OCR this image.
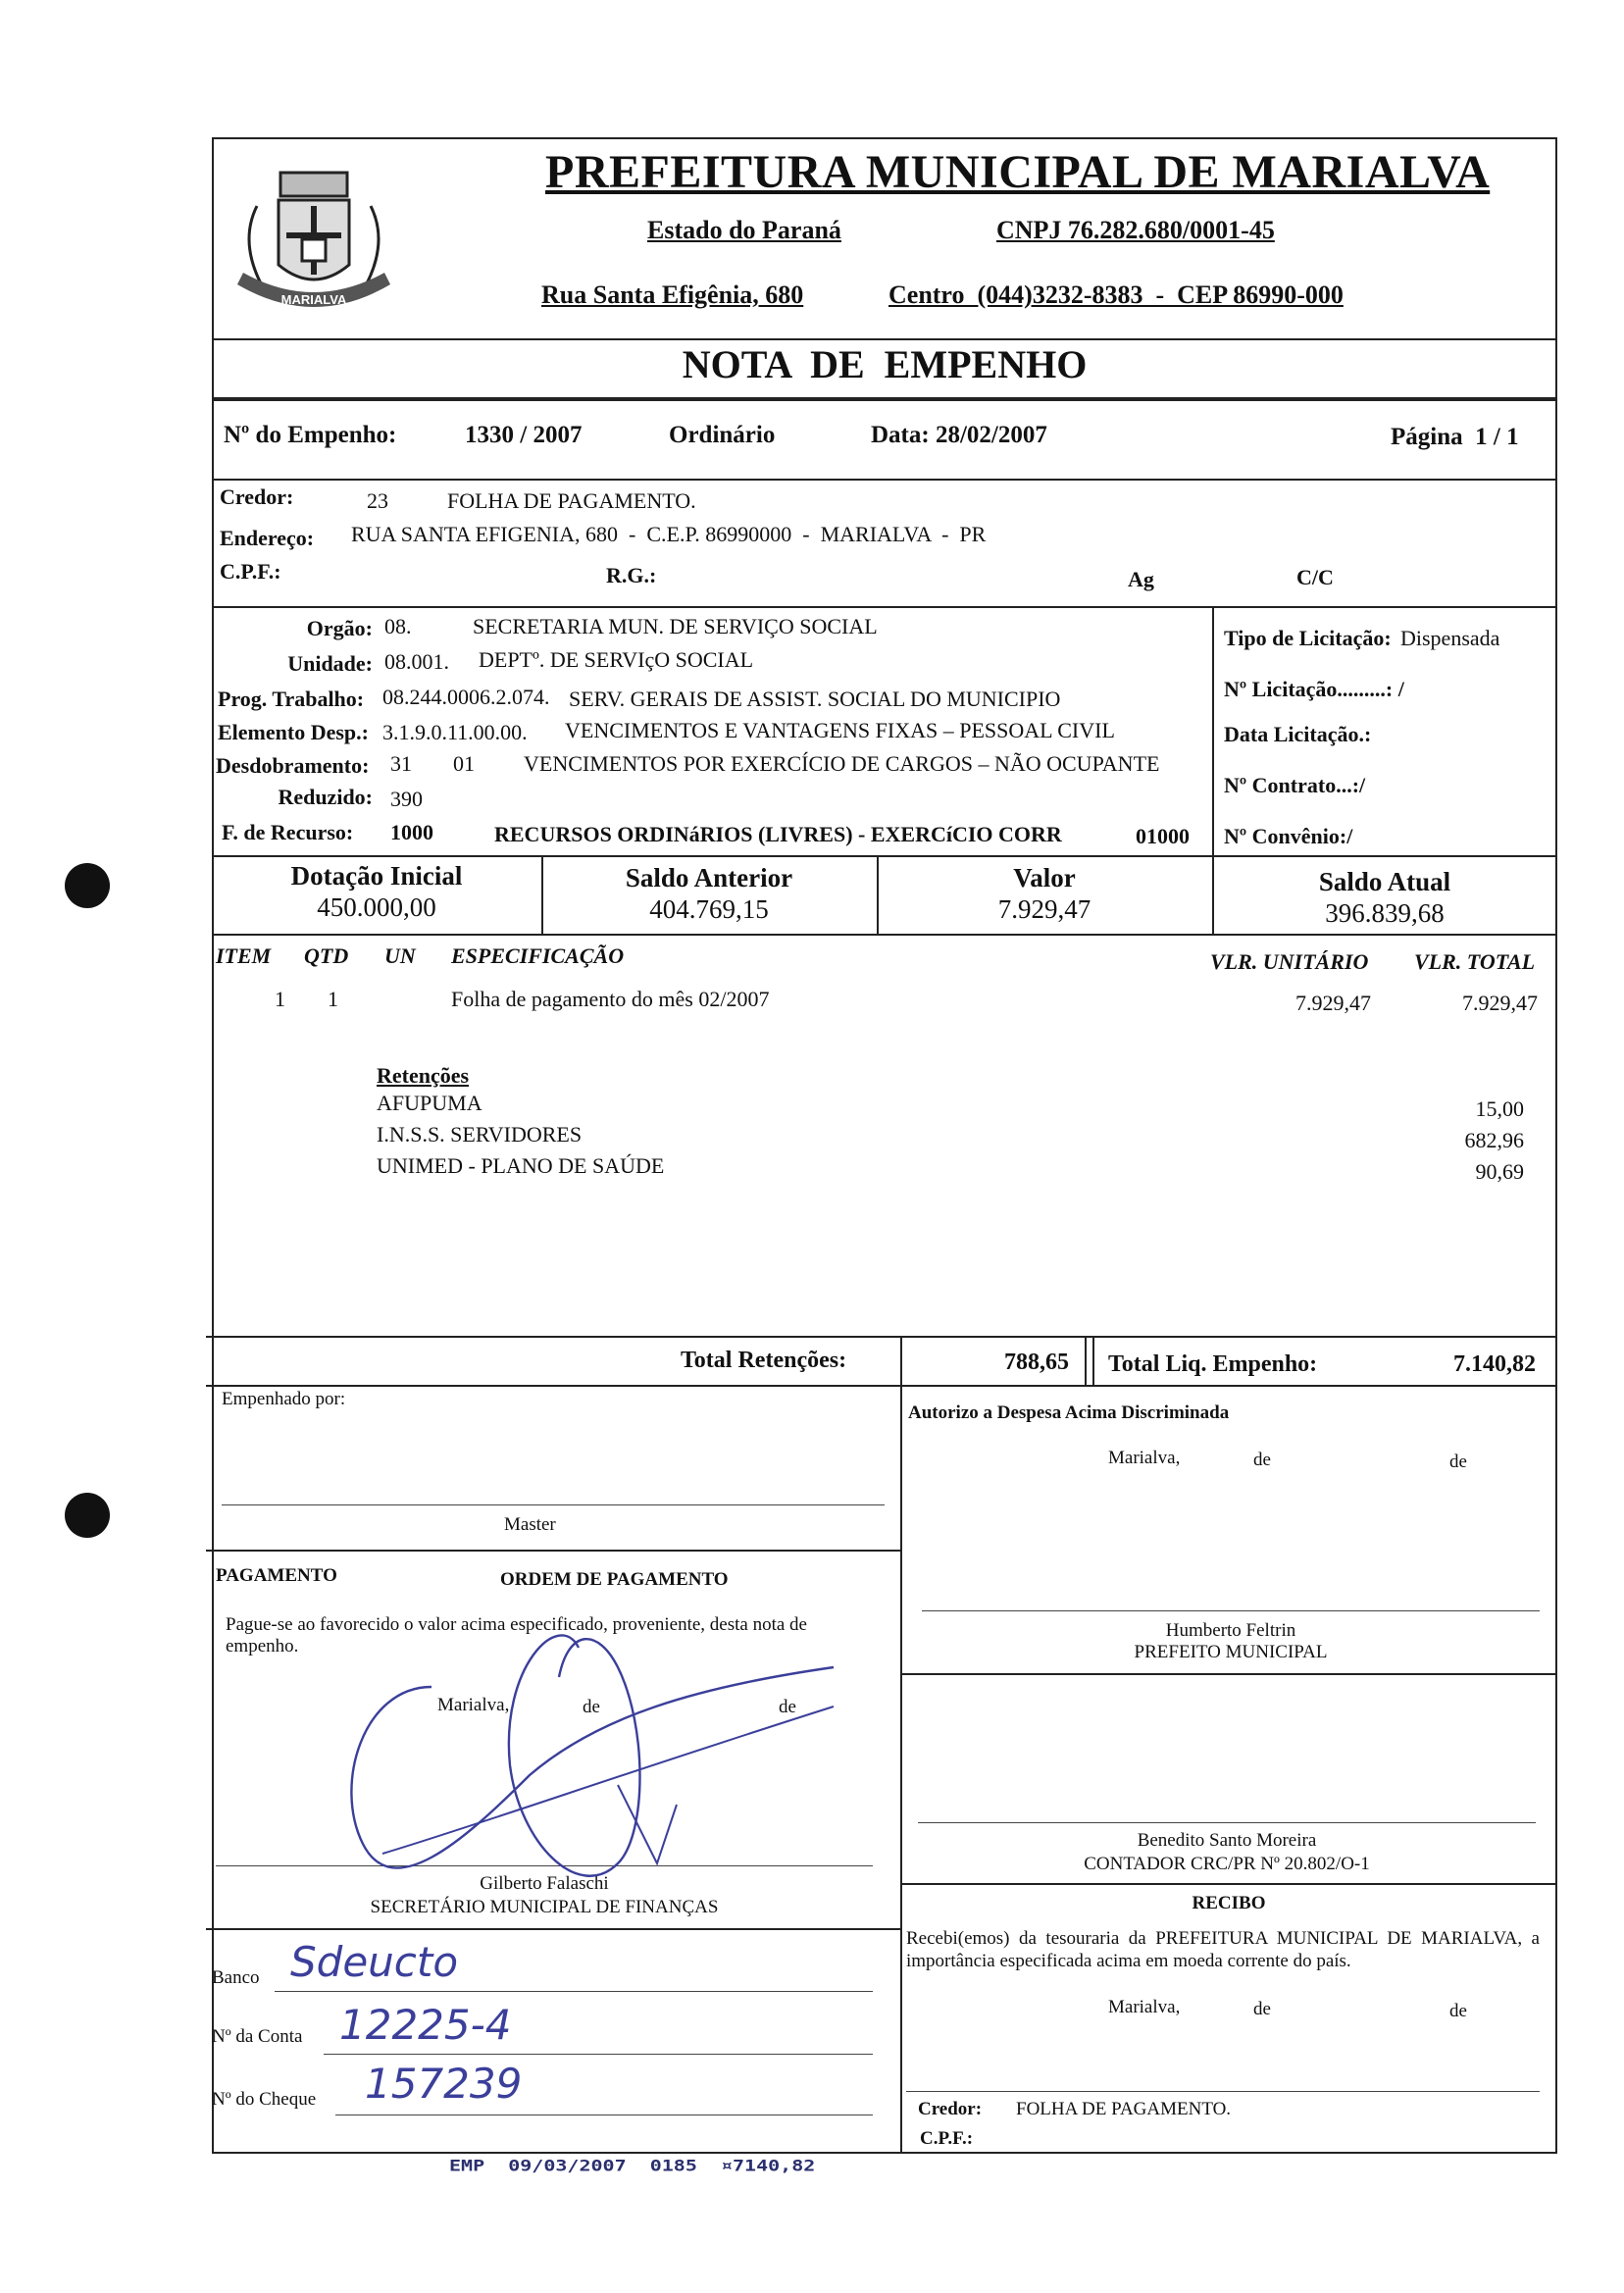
MARIALVA
PREFEITURA MUNICIPAL DE MARIALVA
Estado do Paraná	CNPJ 76.282.680/0001-45
Rua Santa Efigênia, 680	Centro  (044)3232-8383  -  CEP 86990-000
NOTA  DE  EMPENHO
Nº do Empenho:	1330 / 2007	Ordinário	Data: 28/02/2007	Página  1 / 1
Credor:	23	FOLHA DE PAGAMENTO.
Endereço: RUA SANTA EFIGENIA, 680  -  C.E.P. 86990000  -  MARIALVA  -  PR
C.P.F.:	R.G.:	Ag	C/C
Orgão: 08.	SECRETARIA MUN. DE SERVIÇO SOCIAL
Unidade: 08.001. DEPTº. DE SERVIçO SOCIAL
Prog. Trabalho: 08.244.0006.2.074. SERV. GERAIS DE ASSIST. SOCIAL DO MUNICIPIO
Elemento Desp.: 3.1.9.0.11.00.00. VENCIMENTOS E VANTAGENS FIXAS – PESSOAL CIVIL
Desdobramento: 31 01 VENCIMENTOS POR EXERCÍCIO DE CARGOS – NÃO OCUPANTE
Reduzido: 390
F. de Recurso: 1000	RECURSOS ORDINáRIOS (LIVRES) - EXERCíCIO CORR	01000
Tipo de Licitação: Dispensada
Nº Licitação.........: /
Data Licitação.:
Nº Contrato...:/
Nº Convênio:/
Dotação Inicial
450.000,00
Saldo Anterior
404.769,15
Valor
7.929,47
Saldo Atual
396.839,68
ITEM QTD UN ESPECIFICAÇÃO	VLR. UNITÁRIO VLR. TOTAL
1 1	Folha de pagamento do mês 02/2007	7.929,47	7.929,47
Retenções
AFUPUMA	15,00
I.N.S.S. SERVIDORES	682,96
UNIMED - PLANO DE SAÚDE	90,69
Total Retenções:	788,65 Total Liq. Empenho:	7.140,82
Empenhado por:
Master
Autorizo a Despesa Acima Discriminada
Marialva,	de	de
Humberto Feltrin
PREFEITO MUNICIPAL
PAGAMENTO	ORDEM DE PAGAMENTO
Pague-se ao favorecido o valor acima especificado, proveniente, desta nota de empenho.
Marialva,	de	de
Gilberto Falaschi
SECRETÁRIO MUNICIPAL DE FINANÇAS
Benedito Santo Moreira
CONTADOR CRC/PR Nº 20.802/O-1
RECIBO
Recebi(emos) da tesouraria da PREFEITURA MUNICIPAL DE MARIALVA, a importância especificada acima em moeda corrente do país.
Marialva,	de	de
Credor: FOLHA DE PAGAMENTO.
C.P.F.:
Banco Sdeucto
Nº da Conta 12225-4
Nº do Cheque 157239
EMP  09/03/2007  0185  ¤7140,82
